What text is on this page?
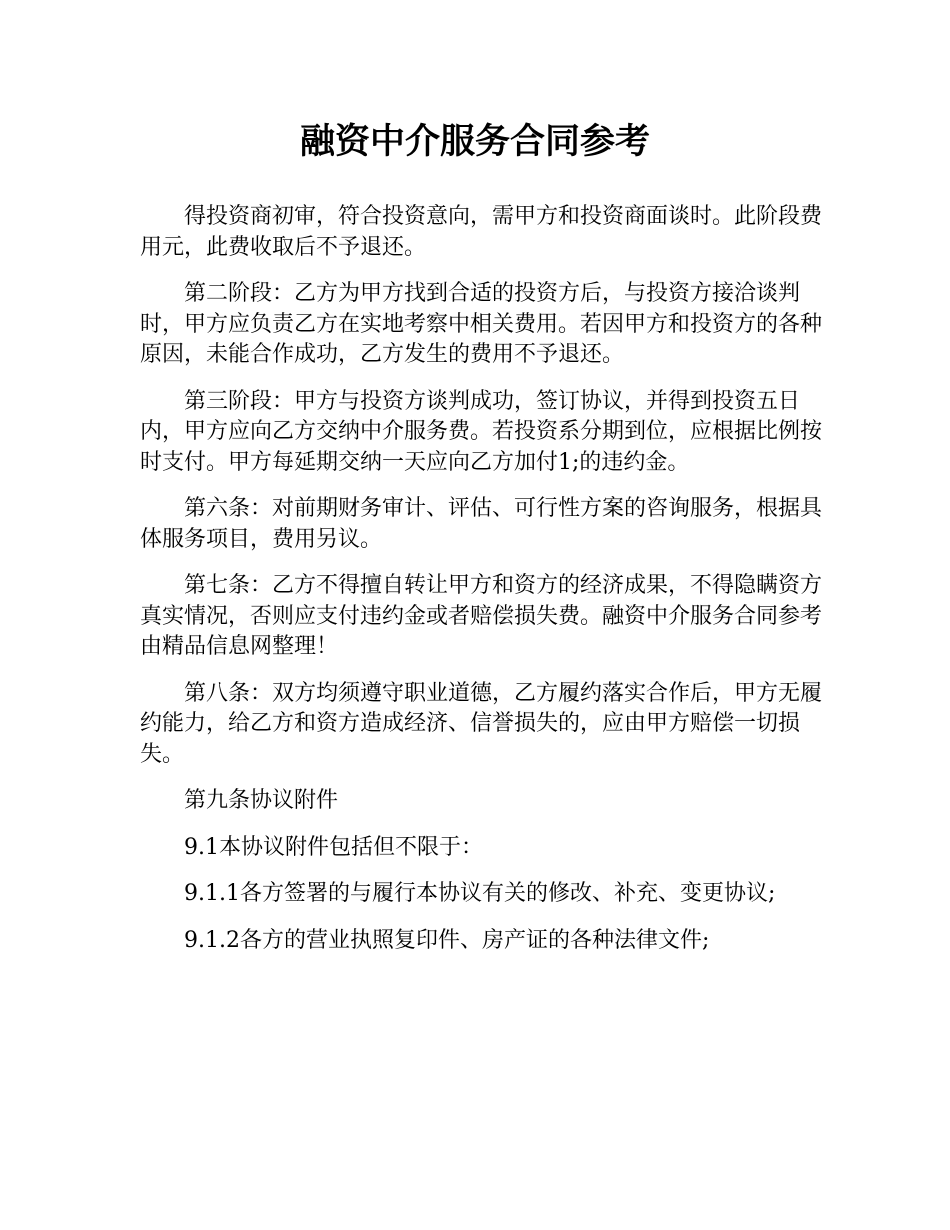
融资中介服务合同参考

得投资商初审，符合投资意向，需甲方和投资商面谈时。此阶段费用元，此费收取后不予退还。

第二阶段：乙方为甲方找到合适的投资方后，与投资方接洽谈判时，甲方应负责乙方在实地考察中相关费用。若因甲方和投资方的各种原因，未能合作成功，乙方发生的费用不予退还。

第三阶段：甲方与投资方谈判成功，签订协议，并得到投资五日内，甲方应向乙方交纳中介服务费。若投资系分期到位，应根据比例按时支付。甲方每延期交纳一天应向乙方加付1;的违约金。

第六条：对前期财务审计、评估、可行性方案的咨询服务，根据具体服务项目，费用另议。

第七条：乙方不得擅自转让甲方和资方的经济成果，不得隐瞒资方真实情况，否则应支付违约金或者赔偿损失费。融资中介服务合同参考由精品信息网整理！

第八条：双方均须遵守职业道德，乙方履约落实合作后，甲方无履约能力，给乙方和资方造成经济、信誉损失的，应由甲方赔偿一切损失。

第九条协议附件

9.1本协议附件包括但不限于：

9.1.1各方签署的与履行本协议有关的修改、补充、变更协议;

9.1.2各方的营业执照复印件、房产证的各种法律文件;
